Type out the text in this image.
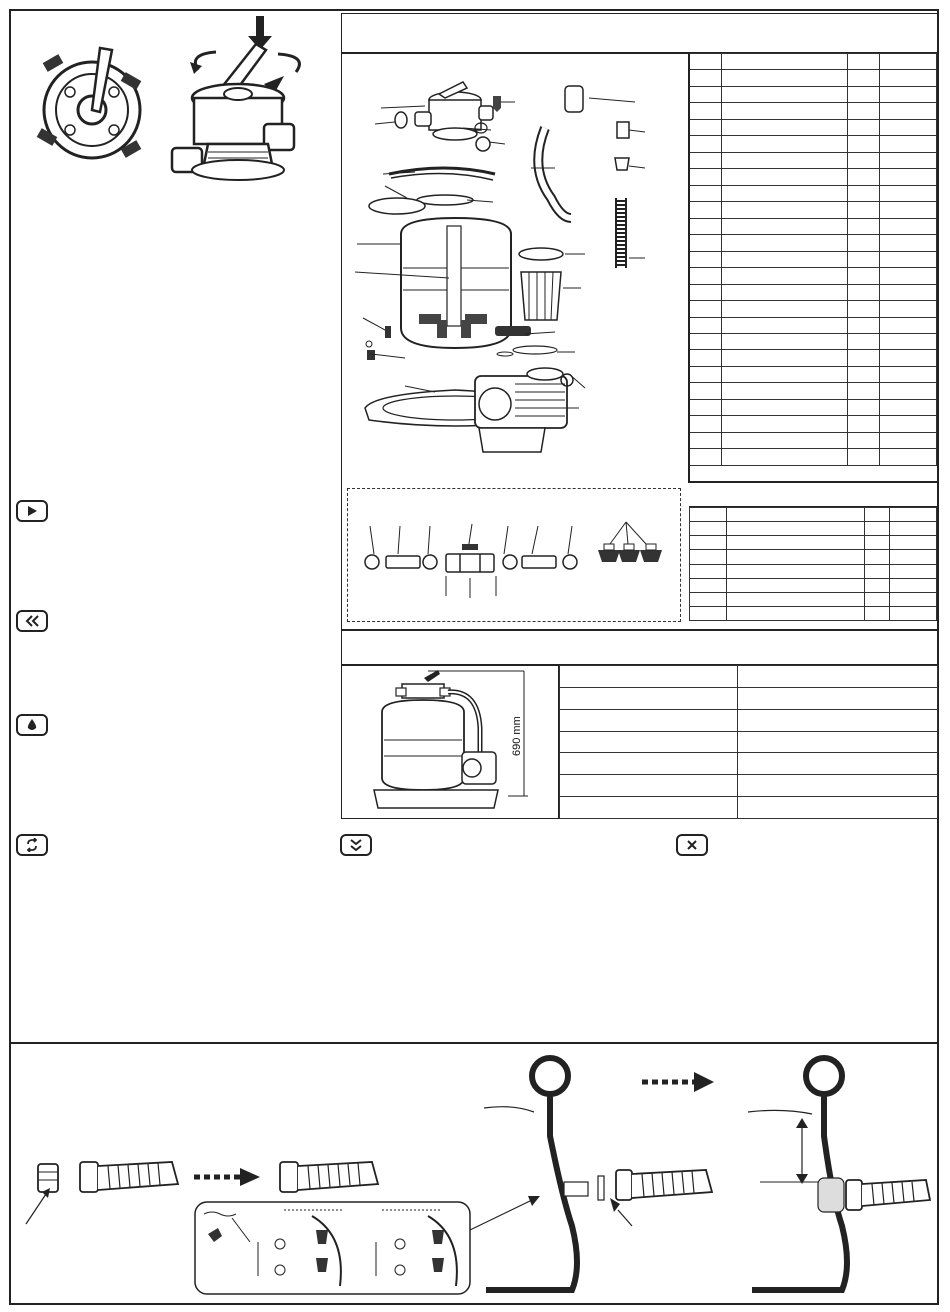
690 mm
